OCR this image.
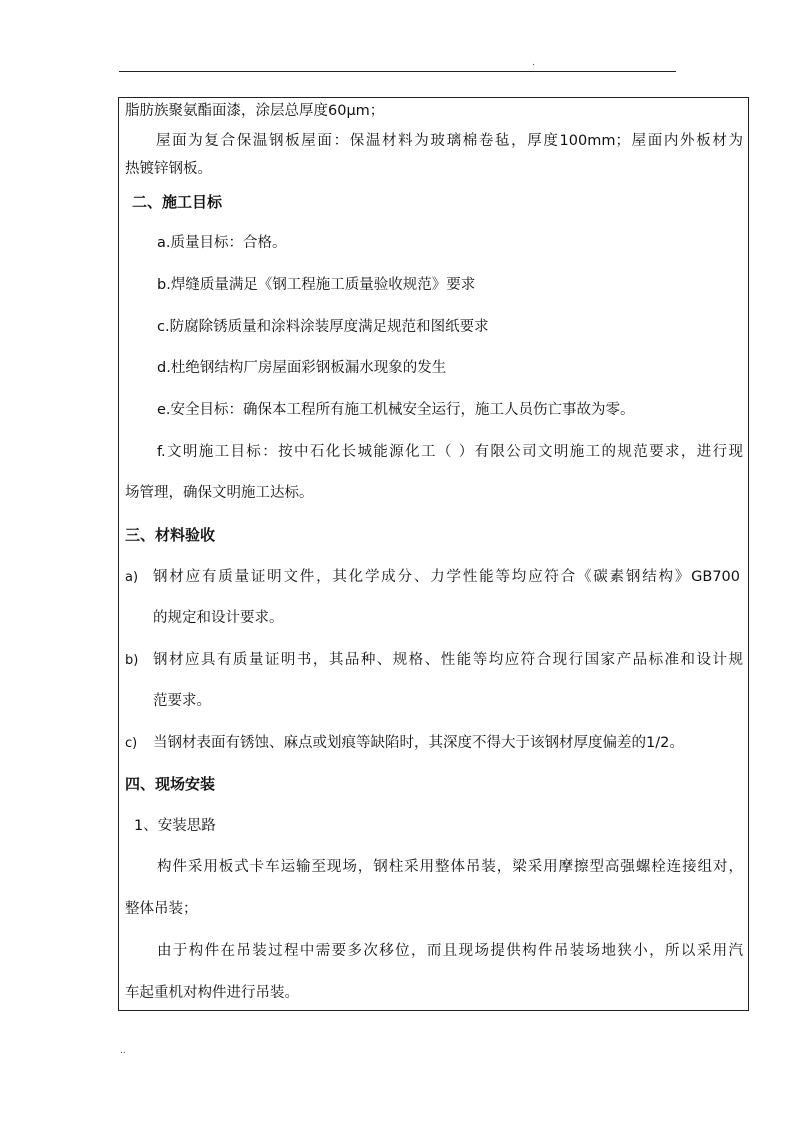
.
脂肪族聚氨酯面漆，涂层总厚度60μm；
屋面为复合保温钢板屋面：保温材料为玻璃棉卷毡，厚度100mm；屋面内外板材为
热镀锌钢板。
二、施工目标
a.质量目标：合格。
b.焊缝质量满足《钢工程施工质量验收规范》要求
c.防腐除锈质量和涂料涂装厚度满足规范和图纸要求
d.杜绝钢结构厂房屋面彩钢板漏水现象的发生
e.安全目标：确保本工程所有施工机械安全运行，施工人员伤亡事故为零。
f.文明施工目标：按中石化长城能源化工（ ）有限公司文明施工的规范要求，进行现
场管理，确保文明施工达标。
三、材料验收
a) 钢材应有质量证明文件，其化学成分、力学性能等均应符合《碳素钢结构》GB700
的规定和设计要求。
b) 钢材应具有质量证明书，其品种、规格、性能等均应符合现行国家产品标准和设计规
范要求。
c) 当钢材表面有锈蚀、麻点或划痕等缺陷时，其深度不得大于该钢材厚度偏差的1/2。
四、现场安装
1、安装思路
构件采用板式卡车运输至现场，钢柱采用整体吊装，梁采用摩擦型高强螺栓连接组对，
整体吊装；
由于构件在吊装过程中需要多次移位，而且现场提供构件吊装场地狭小，所以采用汽
车起重机对构件进行吊装。
..
